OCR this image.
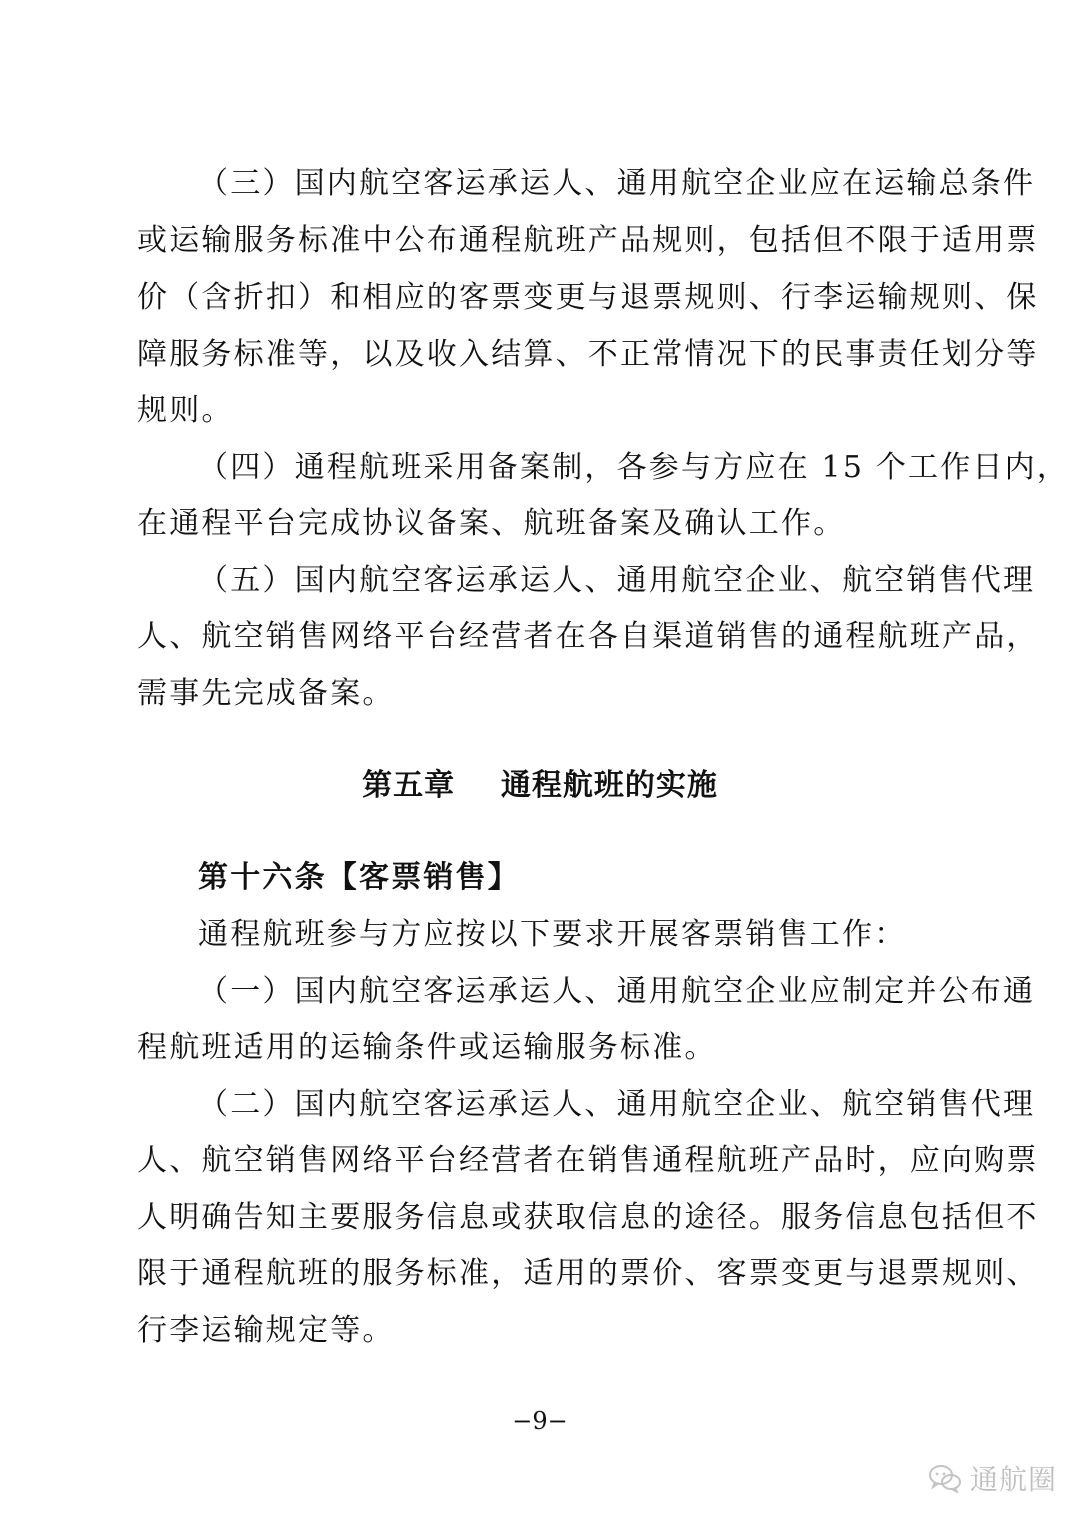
（三）国内航空客运承运人、通用航空企业应在运输总条件
或运输服务标准中公布通程航班产品规则，包括但不限于适用票
价（含折扣）和相应的客票变更与退票规则、行李运输规则、保
障服务标准等，以及收入结算、不正常情况下的民事责任划分等
规则。
（四）通程航班采用备案制，各参与方应在 15 个工作日内，
在通程平台完成协议备案、航班备案及确认工作。
（五）国内航空客运承运人、通用航空企业、航空销售代理
人、航空销售网络平台经营者在各自渠道销售的通程航班产品，
需事先完成备案。
第五章    通程航班的实施
第十六条【客票销售】
通程航班参与方应按以下要求开展客票销售工作：
（一）国内航空客运承运人、通用航空企业应制定并公布通
程航班适用的运输条件或运输服务标准。
（二）国内航空客运承运人、通用航空企业、航空销售代理
人、航空销售网络平台经营者在销售通程航班产品时，应向购票
人明确告知主要服务信息或获取信息的途径。服务信息包括但不
限于通程航班的服务标准，适用的票价、客票变更与退票规则、
行李运输规定等。
−9−
通航圈
